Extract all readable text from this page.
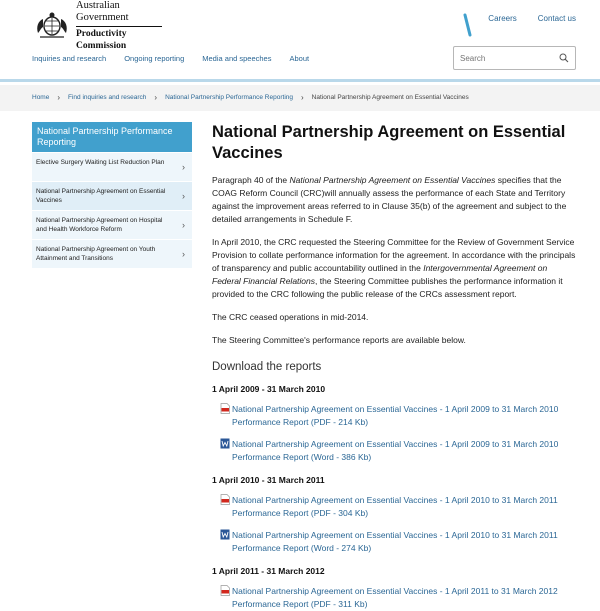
Australian Government
Productivity Commission
Careers	Contact us
Inquiries and research Ongoing reporting Media and speeches About
Search
Home › Find inquiries and research › National Partnership Performance Reporting › National Partnership Agreement on Essential Vaccines
National Partnership Performance Reporting
Elective Surgery Waiting List Reduction Plan ›
National Partnership Agreement on Essential Vaccines	›
National Partnership Agreement on Hospital and Health Workforce Reform	›
National Partnership Agreement on Youth Attainment and Transitions	›
National Partnership Agreement on Essential Vaccines

Paragraph 40 of the National Partnership Agreement on Essential Vaccines specifies that the COAG Reform Council (CRC)will annually assess the performance of each State and Territory against the improvement areas referred to in Clause 35(b) of the agreement and subject to the detailed arrangements in Schedule F.

In April 2010, the CRC requested the Steering Committee for the Review of Government Service Provision to collate performance information for the agreement. In accordance with the principals of transparency and public accountability outlined in the Intergovernmental Agreement on Federal Financial Relations, the Steering Committee publishes the performance information it provided to the CRC following the public release of the CRCs assessment report.

The CRC ceased operations in mid-2014.

The Steering Committee's performance reports are available below.

Download the reports
1 April 2009 - 31 March 2010
National Partnership Agreement on Essential Vaccines - 1 April 2009 to 31 March 2010 Performance Report (PDF - 214 Kb)
National Partnership Agreement on Essential Vaccines - 1 April 2009 to 31 March 2010 Performance Report (Word - 386 Kb)
1 April 2010 - 31 March 2011
National Partnership Agreement on Essential Vaccines - 1 April 2010 to 31 March 2011 Performance Report (PDF - 304 Kb)
National Partnership Agreement on Essential Vaccines - 1 April 2010 to 31 March 2011 Performance Report (Word - 274 Kb)
1 April 2011 - 31 March 2012
National Partnership Agreement on Essential Vaccines - 1 April 2011 to 31 March 2012 Performance Report (PDF - 311 Kb)
